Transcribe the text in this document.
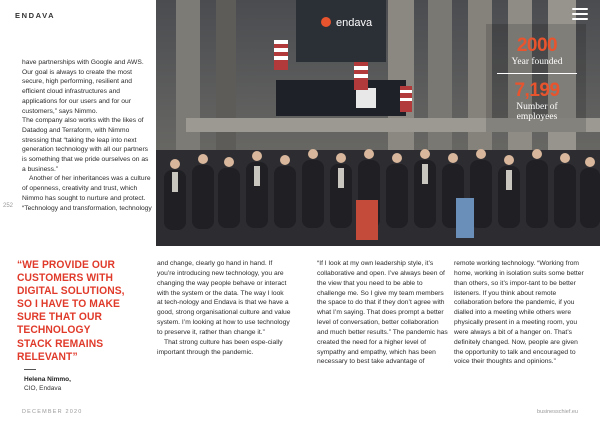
ENDAVA
252

have partnerships with Google and AWS. Our goal is always to create the most secure, high performing, resilient and efficient cloud infrastructures and applications for our users and for our customers,” says Nimmo.

The company also works with the likes of Datadog and Terraform, with Nimmo stressing that “taking the leap into next generation technology with all our partners is something that we pride ourselves on as a business.”

Another of her inheritances was a culture of openness, creativity and trust, which Nimmo has sought to nurture and protect. “Technology and transformation, technology

endava
2000
Year founded
7,199
Number of employees
“WE PROVIDE OUR CUSTOMERS WITH DIGITAL SOLUTIONS, SO I HAVE TO MAKE SURE THAT OUR TECHNOLOGY STACK REMAINS RELEVANT”
Helena Nimmo,
CIO, Endava

and change, clearly go hand in hand. If you’re introducing new technology, you are changing the way people behave or interact with the system or the data. The way I look at tech-nology and Endava is that we have a good, strong organisational culture and value system. I’m looking at how to use technology to preserve it, rather than change it.”

That strong culture has been espe-cially important through the pandemic.

“If I look at my own leadership style, it’s collaborative and open. I’ve always been of the view that you need to be able to challenge me. So I give my team members the space to do that if they don’t agree with what I’m saying. That does prompt a better level of conversation, better collaboration and much better results.” The pandemic has created the need for a higher level of sympathy and empathy, which has been necessary to best take advantage of

remote working technology. “Working from home, working in isolation suits some better than others, so it’s impor-tant to be better listeners. If you think about remote collaboration before the pandemic, if you dialled into a meeting while others were physically present in a meeting room, you were always a bit of a hanger on. That’s definitely changed. Now, people are given the opportunity to talk and encouraged to voice their thoughts and opinions.”

DECEMBER 2020	businesschief.eu
